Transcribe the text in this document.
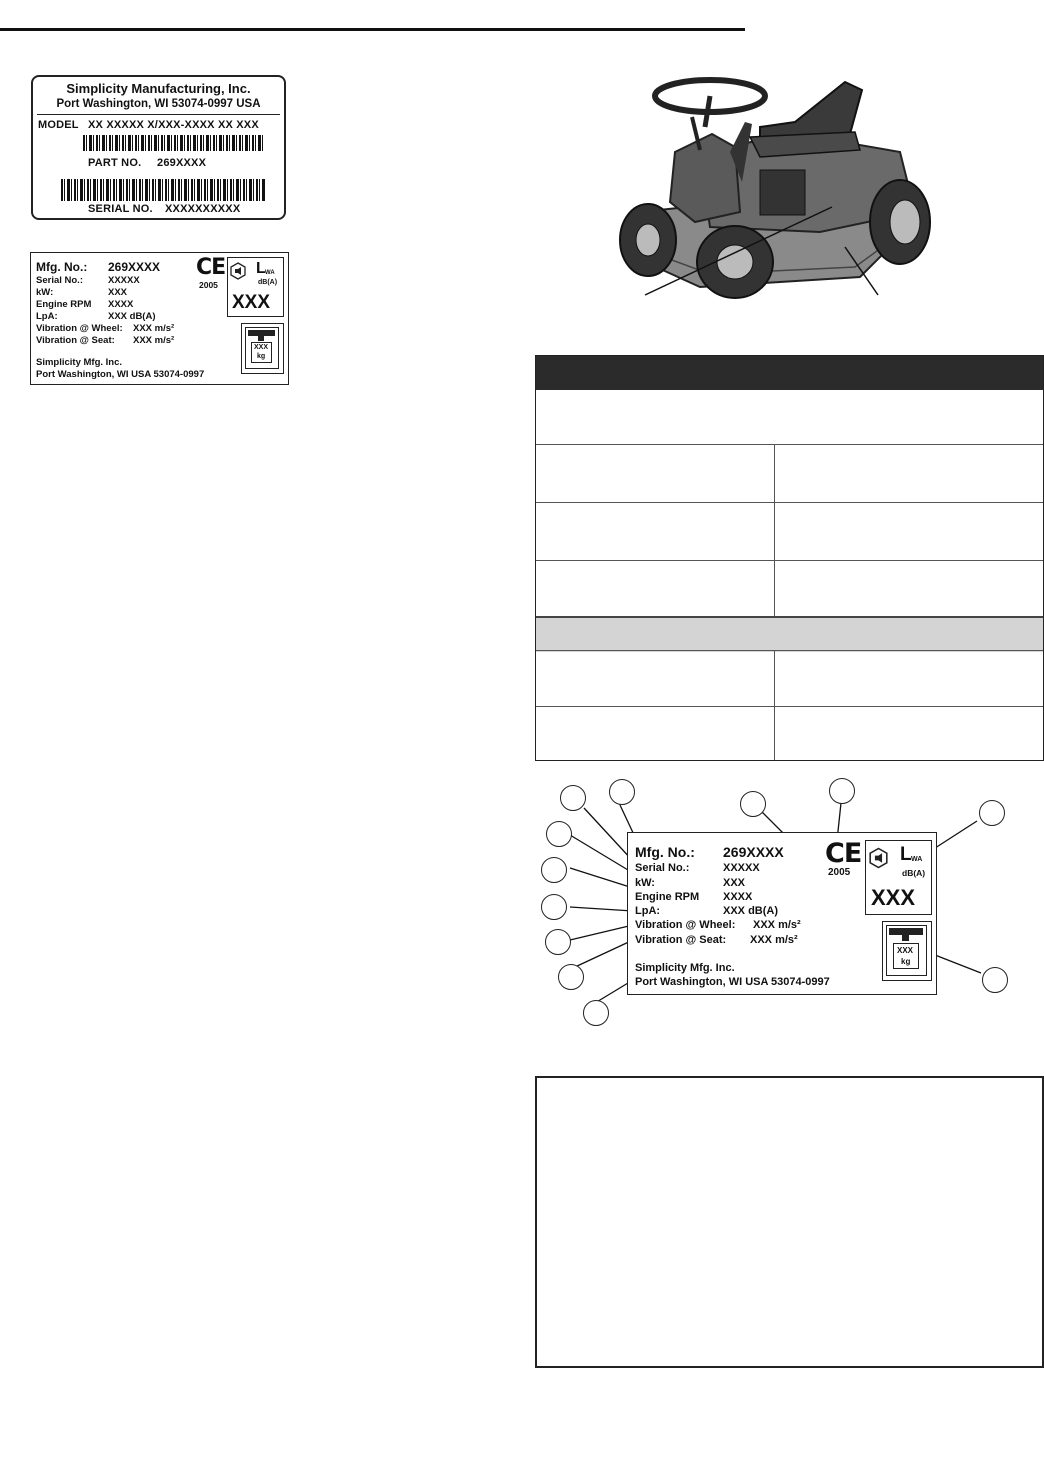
Simplicity Manufacturing, Inc.
Port Washington, WI 53074-0997 USA
MODEL XX XXXXX X/XXX-XXXX XX XXX
PART NO. 269XXXX
SERIAL NO. XXXXXXXXXX
Mfg. No.: 269XXXX
Serial No.:	XXXXX
kW:	XXX
Engine RPM XXXX
LpA:	XXX dB(A)
Vibration @ Wheel: XXX m/s²
Vibration @ Seat: XXX m/s²
Simplicity Mfg. Inc.
Port Washington, WI USA 53074-0997
CE
2005
L WA
dB(A)
XXX
XXX
kg
Mfg. No.: 269XXXX
Serial No.:	XXXXX
kW:	XXX
Engine RPM XXXX
LpA:	XXX dB(A)
Vibration @ Wheel: XXX m/s²
Vibration @ Seat: XXX m/s²
Simplicity Mfg. Inc.
Port Washington, WI USA 53074-0997
CE
2005
L WA
dB(A)
XXX
XXX
kg
